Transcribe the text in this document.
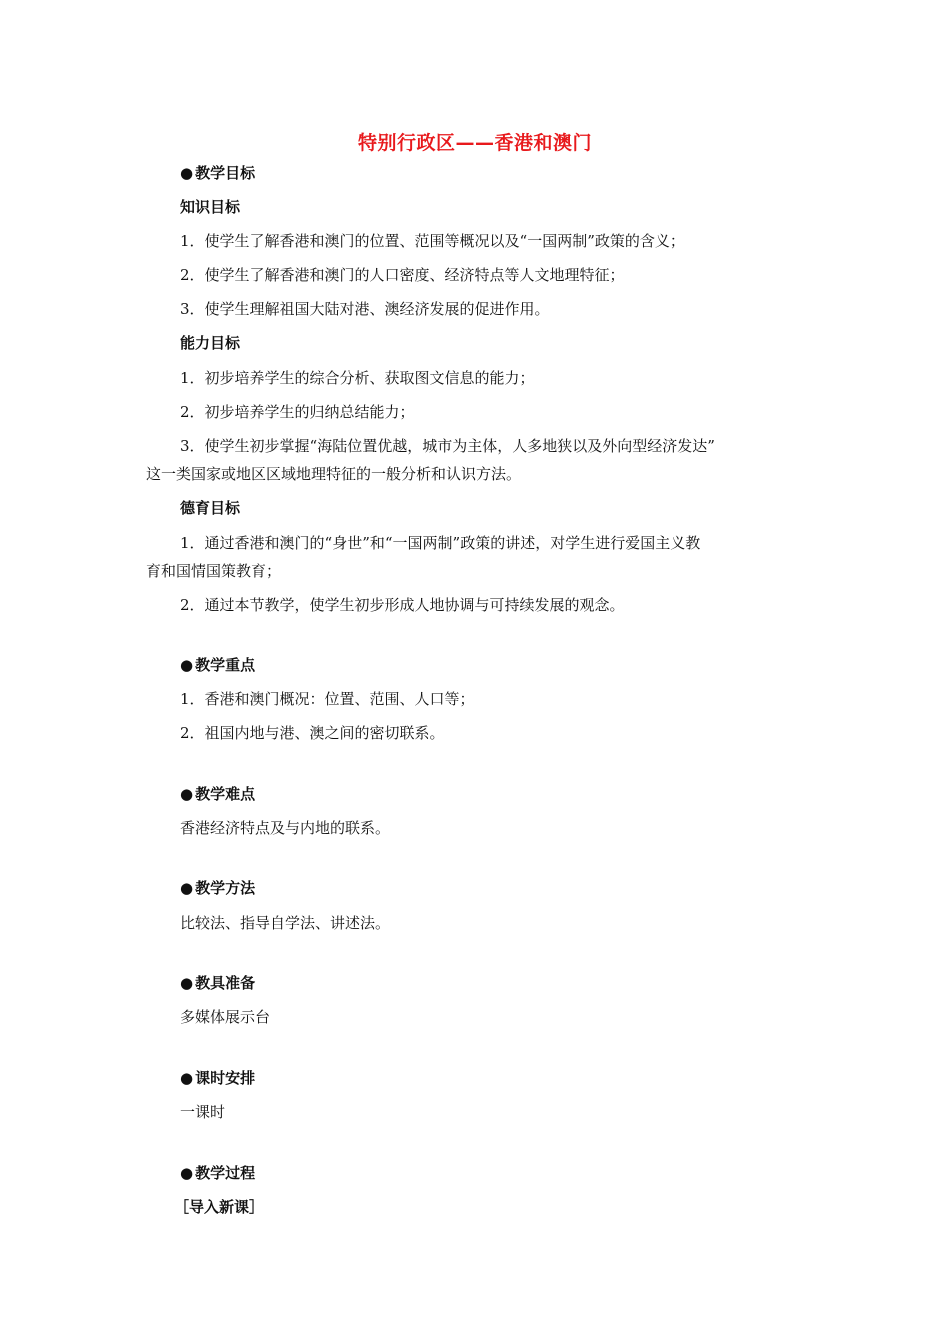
特别行政区——香港和澳门
● 教学目标
知识目标
1．使学生了解香港和澳门的位置、范围等概况以及“一国两制”政策的含义；
2．使学生了解香港和澳门的人口密度、经济特点等人文地理特征；
3．使学生理解祖国大陆对港、澳经济发展的促进作用。
能力目标
1．初步培养学生的综合分析、获取图文信息的能力；
2．初步培养学生的归纳总结能力；
3．使学生初步掌握“海陆位置优越，城市为主体，人多地狭以及外向型经济发达”
这一类国家或地区区域地理特征的一般分析和认识方法。
德育目标
1．通过香港和澳门的“身世”和“一国两制”政策的讲述，对学生进行爱国主义教
育和国情国策教育；
2．通过本节教学，使学生初步形成人地协调与可持续发展的观念。
● 教学重点
1．香港和澳门概况：位置、范围、人口等；
2．祖国内地与港、澳之间的密切联系。
● 教学难点
香港经济特点及与内地的联系。
● 教学方法
比较法、指导自学法、讲述法。
● 教具准备
多媒体展示台
● 课时安排
一课时
● 教学过程
［导入新课］
